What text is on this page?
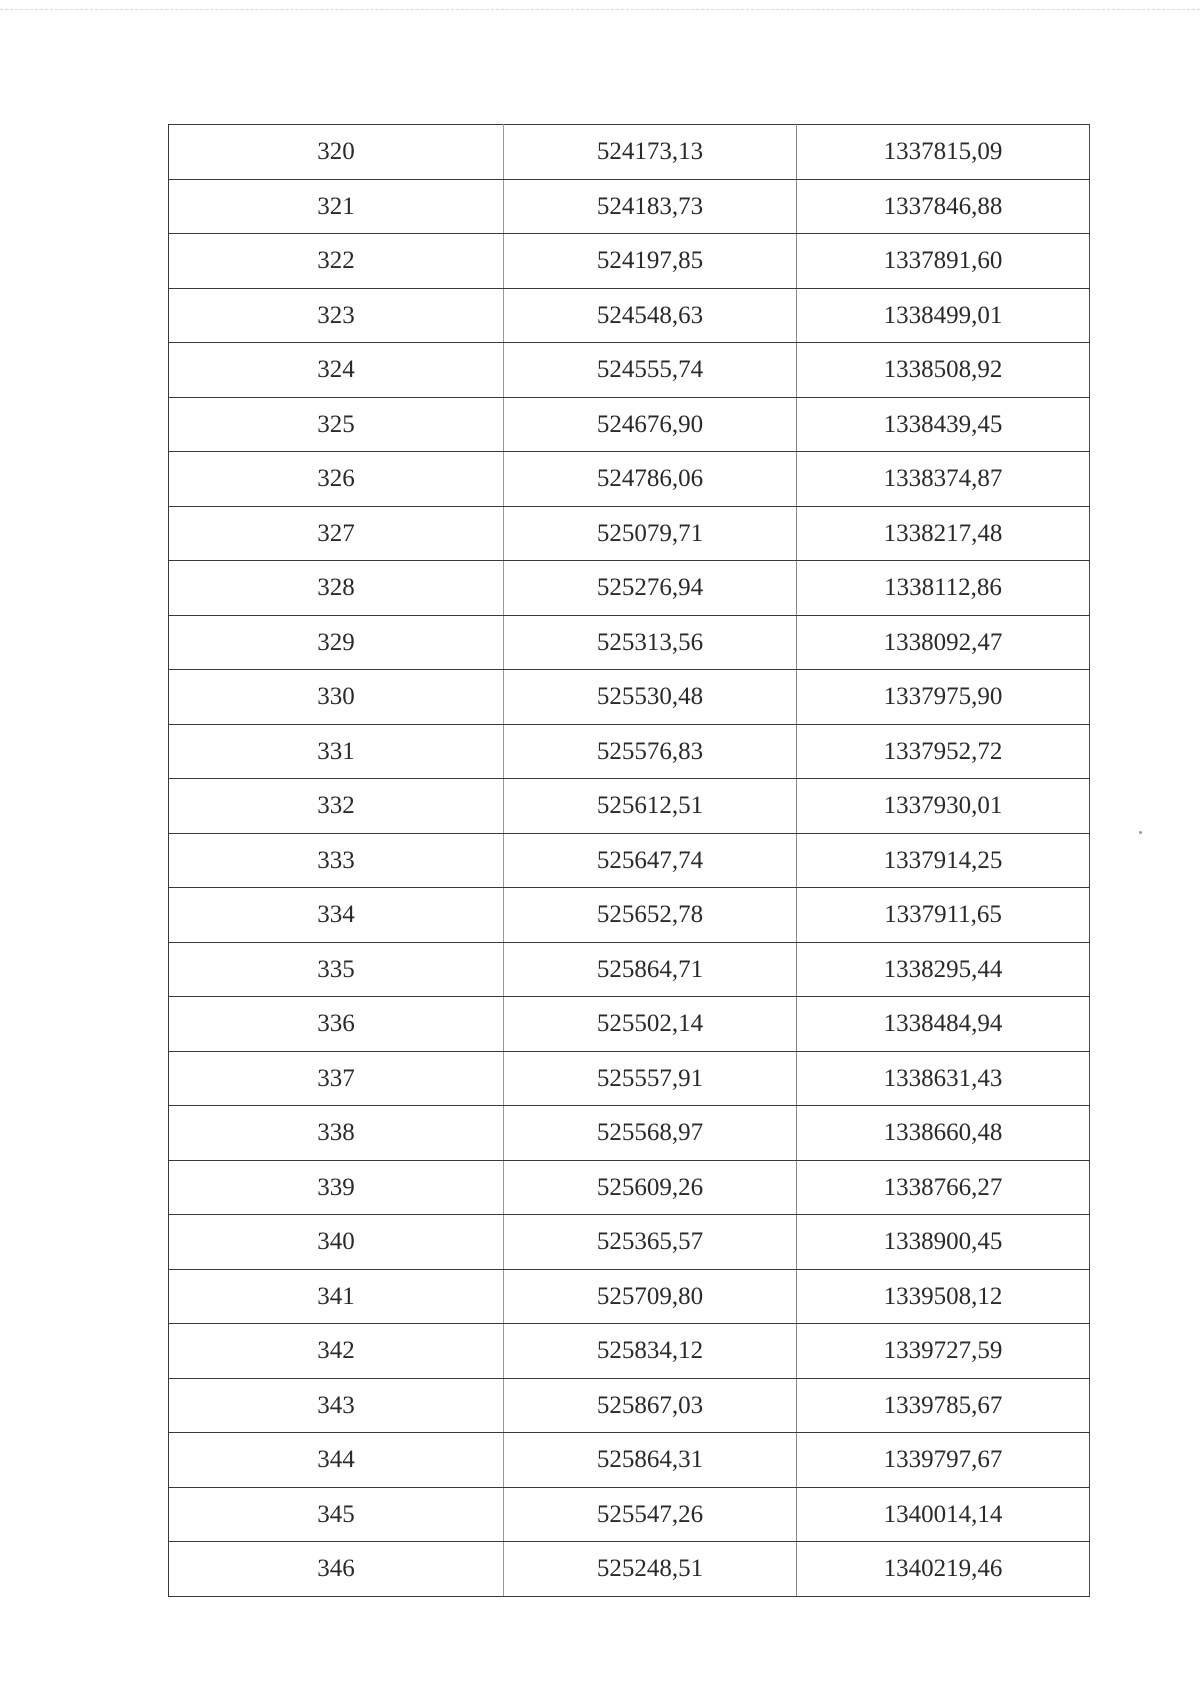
320	524173,13	1337815,09
321	524183,73	1337846,88
322	524197,85	1337891,60
323	524548,63	1338499,01
324	524555,74	1338508,92
325	524676,90	1338439,45
326	524786,06	1338374,87
327	525079,71	1338217,48
328	525276,94	1338112,86
329	525313,56	1338092,47
330	525530,48	1337975,90
331	525576,83	1337952,72
332	525612,51	1337930,01
333	525647,74	1337914,25
334	525652,78	1337911,65
335	525864,71	1338295,44
336	525502,14	1338484,94
337	525557,91	1338631,43
338	525568,97	1338660,48
339	525609,26	1338766,27
340	525365,57	1338900,45
341	525709,80	1339508,12
342	525834,12	1339727,59
343	525867,03	1339785,67
344	525864,31	1339797,67
345	525547,26	1340014,14
346	525248,51	1340219,46
